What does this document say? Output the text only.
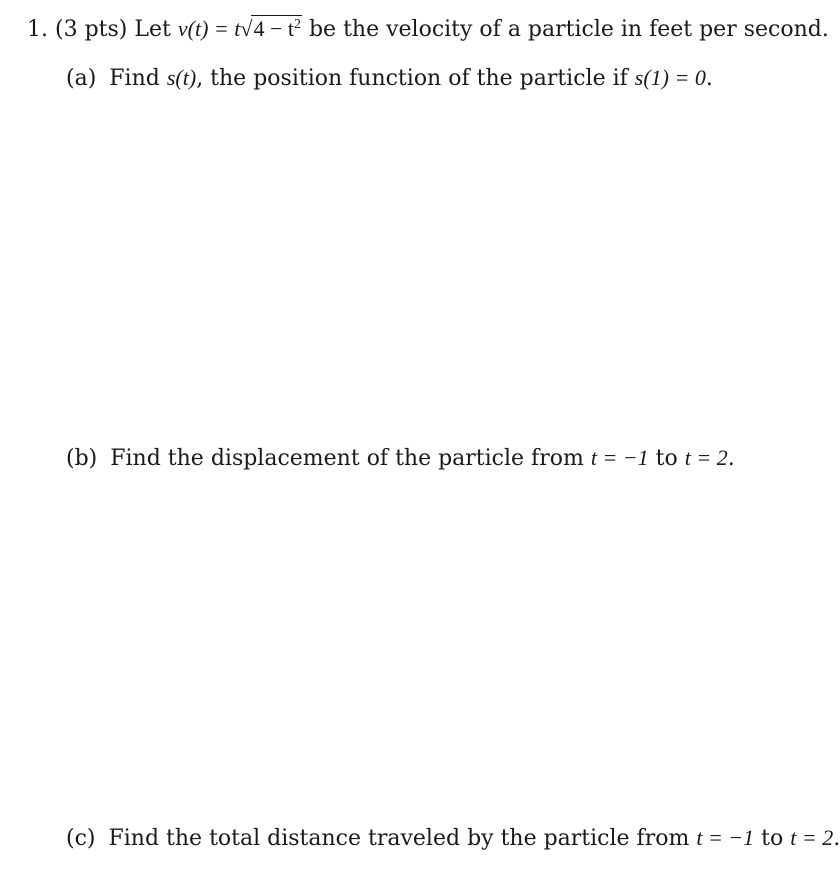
1. (3 pts) Let $v(t) = t√4 - t^2$ be the velocity of a particle in feet per second.
(a) Find s(t), the position function of the particle if s(1) = 0.
(b) Find the displacement of the particle from t = −1 to t = 2.
(c) Find the total distance traveled by the particle from t = −1 to t = 2.
